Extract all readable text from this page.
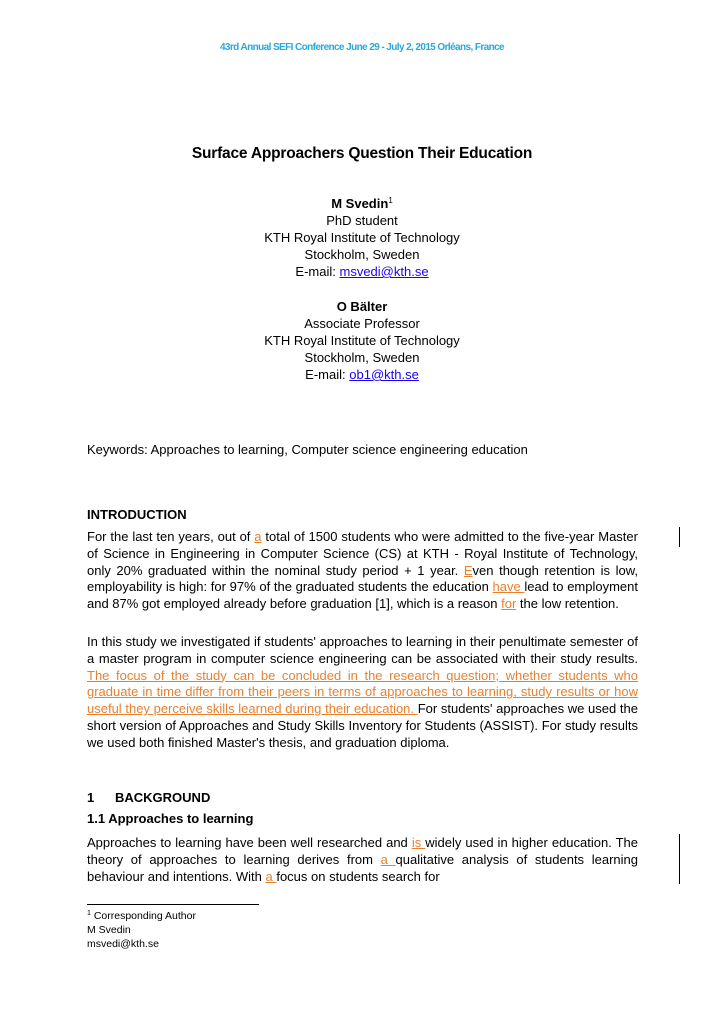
43rd Annual SEFI Conference June 29 - July 2, 2015 Orléans, France
Surface Approachers Question Their Education
M Svedin$^1$
PhD student
KTH Royal Institute of Technology
Stockholm, Sweden
E-mail: msvedi@kth.se
O Bälter
Associate Professor
KTH Royal Institute of Technology
Stockholm, Sweden
E-mail: ob1@kth.se
Keywords: Approaches to learning, Computer science engineering education
INTRODUCTION
For the last ten years, out of a total of 1500 students who were admitted to the five-year Master of Science in Engineering in Computer Science (CS) at KTH - Royal Institute of Technology, only 20% graduated within the nominal study period + 1 year. Even though retention is low, employability is high: for 97% of the graduated students the education have lead to employment and 87% got employed already before graduation [1], which is a reason for the low retention.
In this study we investigated if students' approaches to learning in their penultimate semester of a master program in computer science engineering can be associated with their study results. The focus of the study can be concluded in the research question; whether students who graduate in time differ from their peers in terms of approaches to learning, study results or how useful they perceive skills learned during their education. For students' approaches we used the short version of Approaches and Study Skills Inventory for Students (ASSIST). For study results we used both finished Master's thesis, and graduation diploma.
1 BACKGROUND
1.1 Approaches to learning
Approaches to learning have been well researched and is widely used in higher education. The theory of approaches to learning derives from a qualitative analysis of students learning behaviour and intentions. With a focus on students search for
$^1$ Corresponding Author
M Svedin
msvedi@kth.se
